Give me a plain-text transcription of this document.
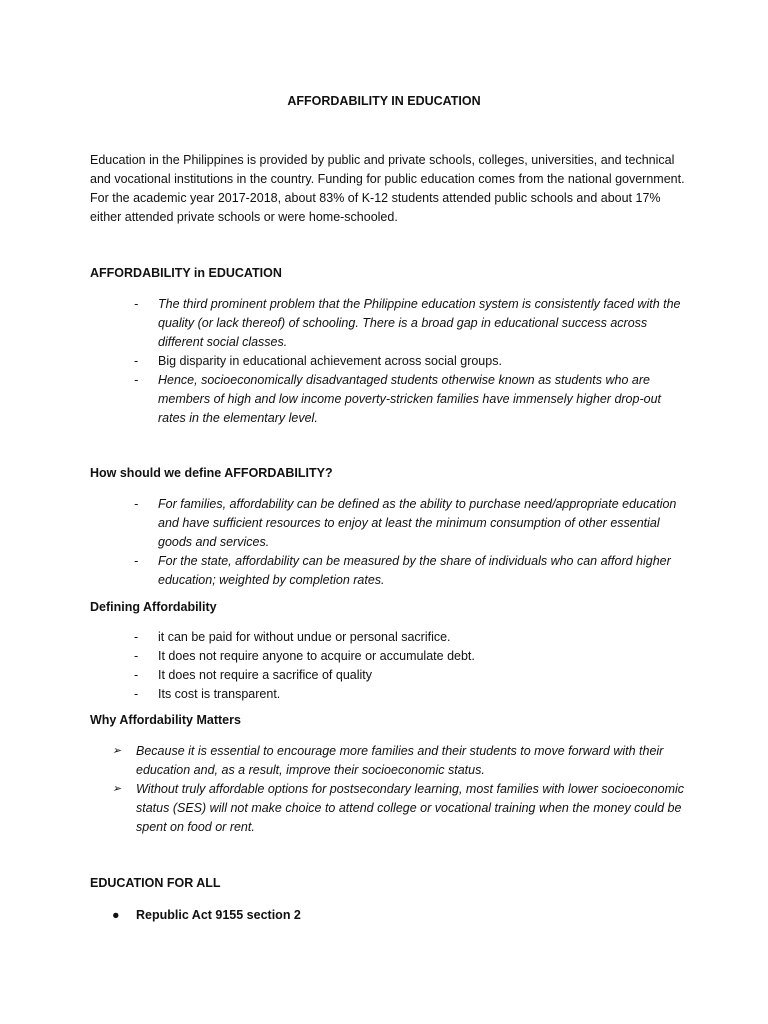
AFFORDABILITY IN EDUCATION
Education in the Philippines is provided by public and private schools, colleges, universities, and technical and vocational institutions in the country. Funding for public education comes from the national government. For the academic year 2017-2018, about 83% of K-12 students attended public schools and about 17% either attended private schools or were home-schooled.
AFFORDABILITY in EDUCATION
- The third prominent problem that the Philippine education system is consistently faced with the quality (or lack thereof) of schooling. There is a broad gap in educational success across different social classes.
- Big disparity in educational achievement across social groups.
- Hence, socioeconomically disadvantaged students otherwise known as students who are members of high and low income poverty-stricken families have immensely higher drop-out rates in the elementary level.
How should we define AFFORDABILITY?
- For families, affordability can be defined as the ability to purchase need/appropriate education and have sufficient resources to enjoy at least the minimum consumption of other essential goods and services.
- For the state, affordability can be measured by the share of individuals who can afford higher education; weighted by completion rates.
Defining Affordability
- it can be paid for without undue or personal sacrifice.
- It does not require anyone to acquire or accumulate debt.
- It does not require a sacrifice of quality
- Its cost is transparent.
Why Affordability Matters
➢ Because it is essential to encourage more families and their students to move forward with their education and, as a result, improve their socioeconomic status.
➢ Without truly affordable options for postsecondary learning, most families with lower socioeconomic status (SES) will not make choice to attend college or vocational training when the money could be spent on food or rent.
EDUCATION FOR ALL
● Republic Act 9155 section 2
